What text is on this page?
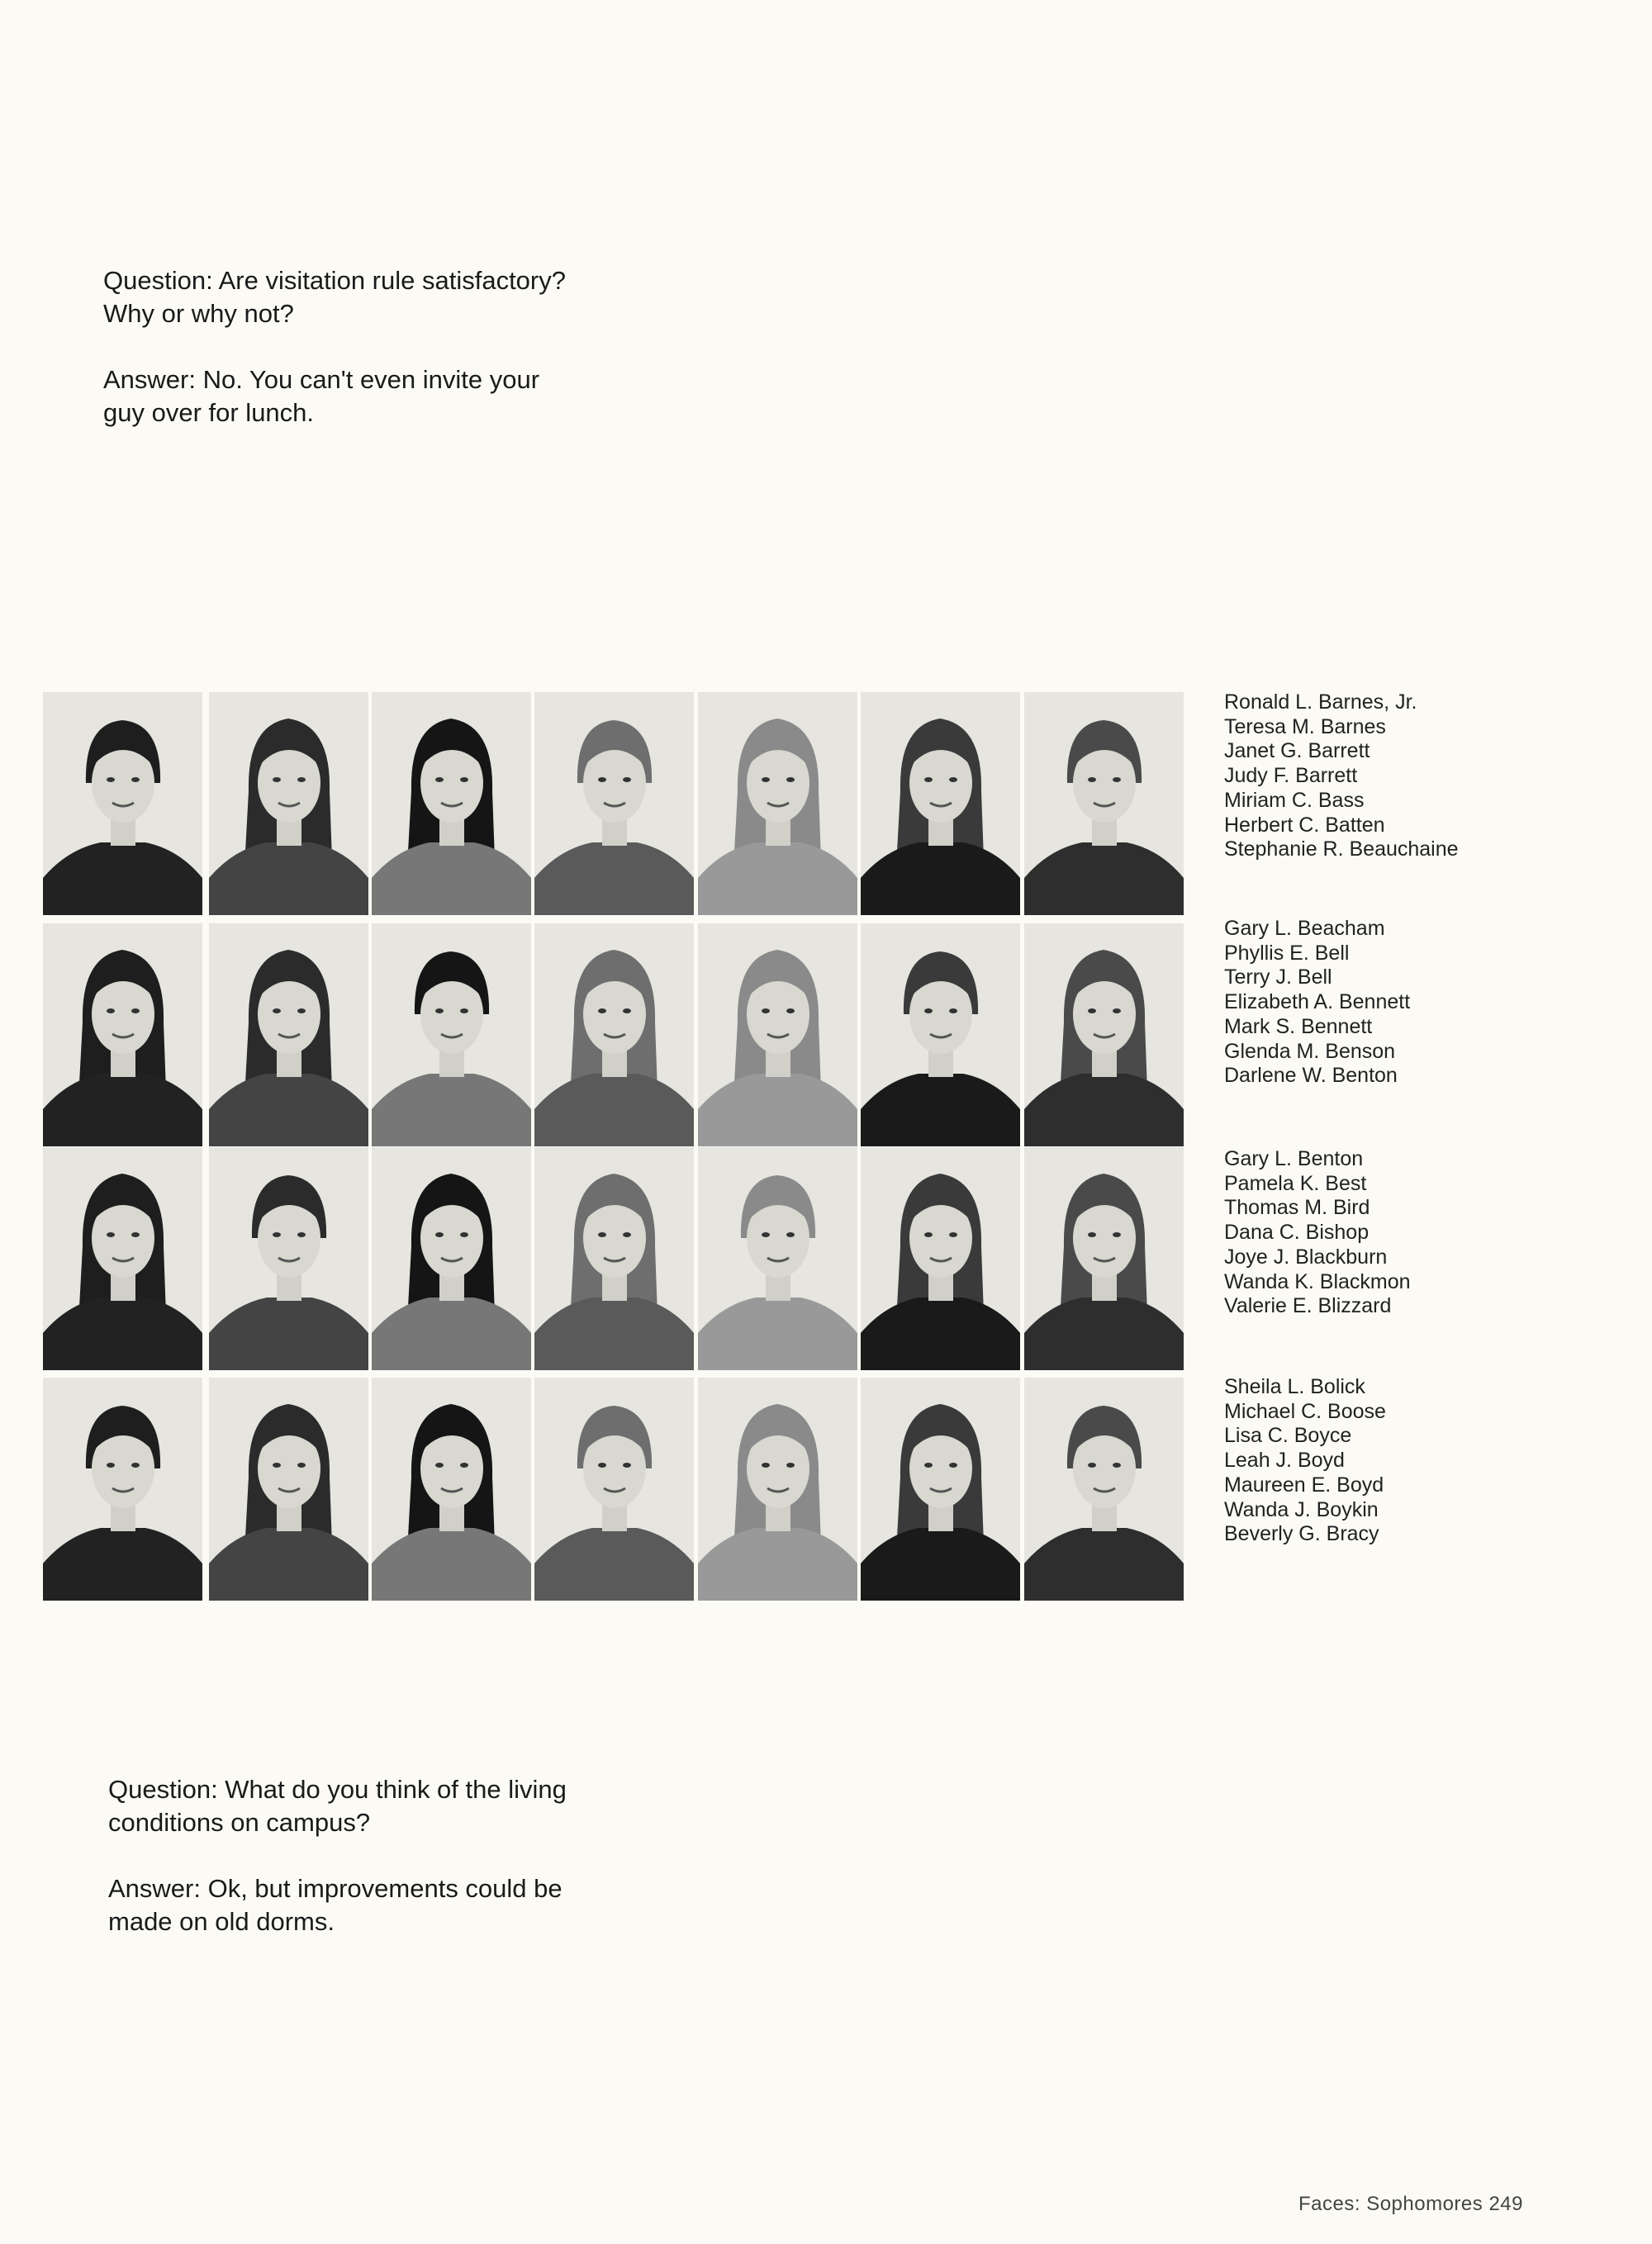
Question: Are visitation rule satisfactory?

Why or why not?

Answer: No. You can't even invite your

guy over for lunch.

Question: What do you think of the living

conditions on campus?

Answer: Ok, but improvements could be

made on old dorms.

Ronald L. Barnes, Jr.
Teresa M. Barnes
Janet G. Barrett
Judy F. Barrett
Miriam C. Bass
Herbert C. Batten
Stephanie R. Beauchaine
Gary L. Beacham
Phyllis E. Bell
Terry J. Bell
Elizabeth A. Bennett
Mark S. Bennett
Glenda M. Benson
Darlene W. Benton
Gary L. Benton
Pamela K. Best
Thomas M. Bird
Dana C. Bishop
Joye J. Blackburn
Wanda K. Blackmon
Valerie E. Blizzard
Sheila L. Bolick
Michael C. Boose
Lisa C. Boyce
Leah J. Boyd
Maureen E. Boyd
Wanda J. Boykin
Beverly G. Bracy
Faces: Sophomores 249
